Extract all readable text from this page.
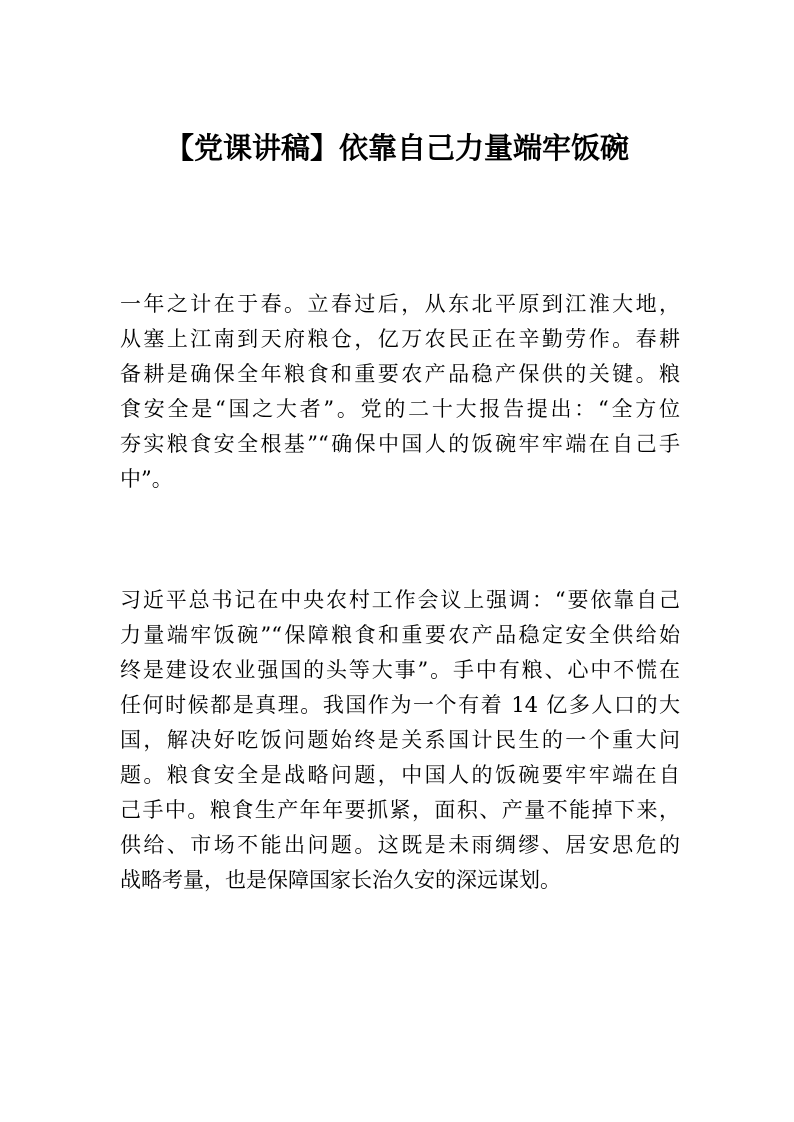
【党课讲稿】依靠自己力量端牢饭碗
一年之计在于春。立春过后，从东北平原到江淮大地，
从塞上江南到天府粮仓，亿万农民正在辛勤劳作。春耕
备耕是确保全年粮食和重要农产品稳产保供的关键。粮
食安全是“国之大者”。党的二十大报告提出：“全方位
夯实粮食安全根基”“确保中国人的饭碗牢牢端在自己手
中”。
习近平总书记在中央农村工作会议上强调：“要依靠自己
力量端牢饭碗”“保障粮食和重要农产品稳定安全供给始
终是建设农业强国的头等大事”。手中有粮、心中不慌在
任何时候都是真理。我国作为一个有着 14 亿多人口的大
国，解决好吃饭问题始终是关系国计民生的一个重大问
题。粮食安全是战略问题，中国人的饭碗要牢牢端在自
己手中。粮食生产年年要抓紧，面积、产量不能掉下来，
供给、市场不能出问题。这既是未雨绸缪、居安思危的
战略考量，也是保障国家长治久安的深远谋划。
